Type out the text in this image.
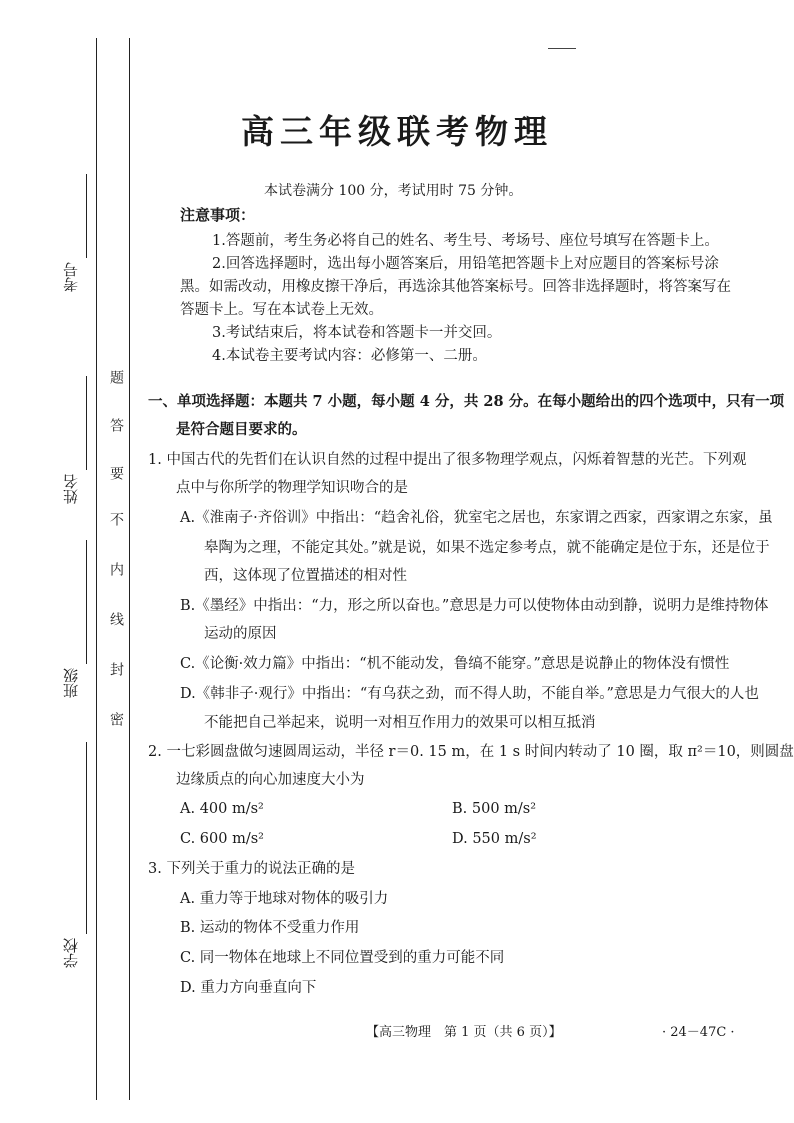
考号
姓名
班级
学校
密
封
线
内
不
要
答
题
高三年级联考物理
本试卷满分 100 分，考试用时 75 分钟。
注意事项：
1.答题前，考生务必将自己的姓名、考生号、考场号、座位号填写在答题卡上。
2.回答选择题时，选出每小题答案后，用铅笔把答题卡上对应题目的答案标号涂
黑。如需改动，用橡皮擦干净后，再选涂其他答案标号。回答非选择题时，将答案写在
答题卡上。写在本试卷上无效。
3.考试结束后，将本试卷和答题卡一并交回。
4.本试卷主要考试内容：必修第一、二册。
一、单项选择题：本题共 7 小题，每小题 4 分，共 28 分。在每小题给出的四个选项中，只有一项
是符合题目要求的。
1. 中国古代的先哲们在认识自然的过程中提出了很多物理学观点，闪烁着智慧的光芒。下列观
点中与你所学的物理学知识吻合的是
A.《淮南子·齐俗训》中指出：“趋舍礼俗，犹室宅之居也，东家谓之西家，西家谓之东家，虽
皋陶为之理，不能定其处。”就是说，如果不选定参考点，就不能确定是位于东，还是位于
西，这体现了位置描述的相对性
B.《墨经》中指出：“力，形之所以奋也。”意思是力可以使物体由动到静，说明力是维持物体
运动的原因
C.《论衡·效力篇》中指出：“机不能动发，鲁缟不能穿。”意思是说静止的物体没有惯性
D.《韩非子·观行》中指出：“有乌获之劲，而不得人助，不能自举。”意思是力气很大的人也
不能把自己举起来，说明一对相互作用力的效果可以相互抵消
2. 一七彩圆盘做匀速圆周运动，半径 r＝0. 15 m，在 1 s 时间内转动了 10 圈，取 π²＝10，则圆盘
边缘质点的向心加速度大小为
A. 400 m/s²	B. 500 m/s²
C. 600 m/s²	D. 550 m/s²
3. 下列关于重力的说法正确的是
A. 重力等于地球对物体的吸引力
B. 运动的物体不受重力作用
C. 同一物体在地球上不同位置受到的重力可能不同
D. 重力方向垂直向下
【高三物理　第 1 页（共 6 页）】	· 24－47C ·
